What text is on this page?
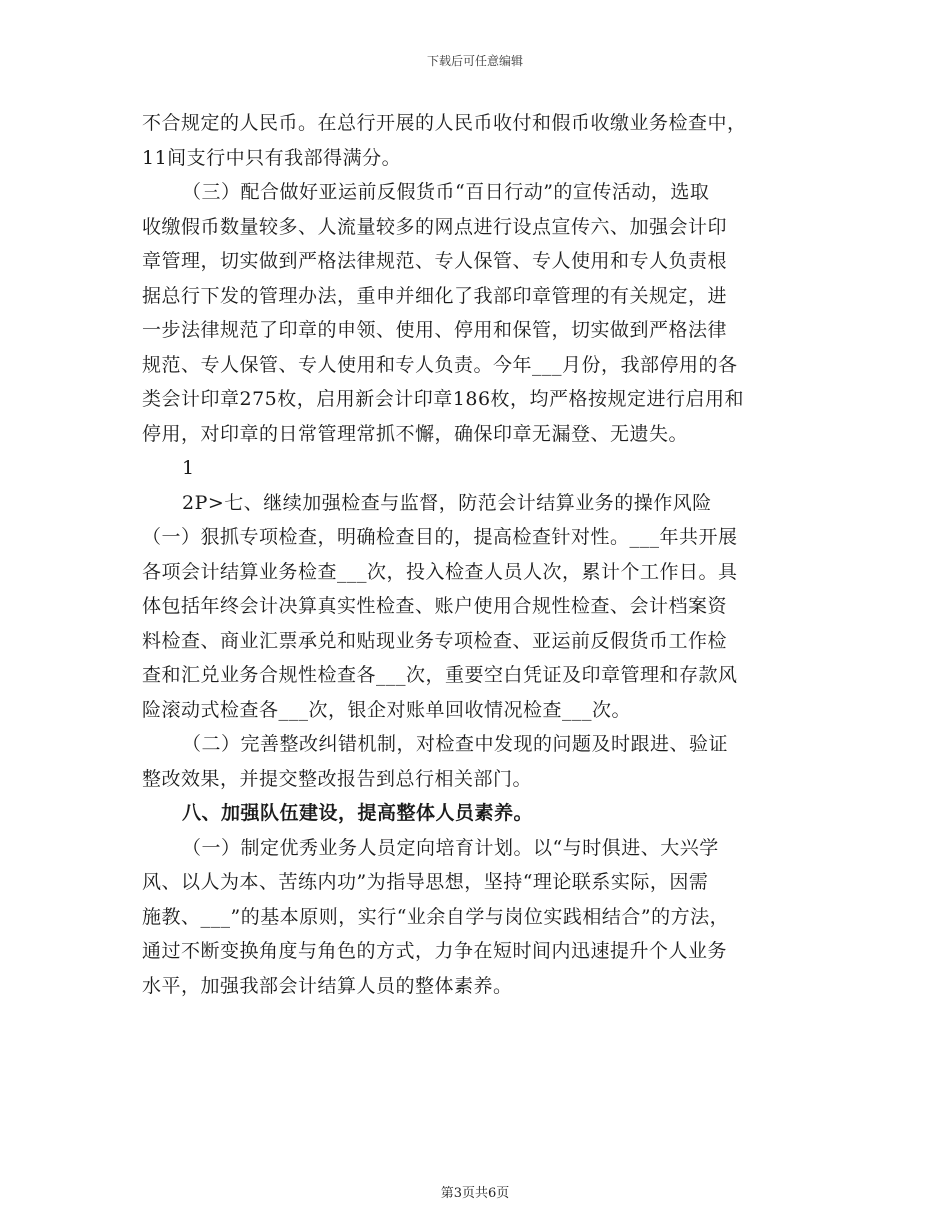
下载后可任意编辑
不合规定的人民币。在总行开展的人民币收付和假币收缴业务检查中，
11间支行中只有我部得满分。
（三）配合做好亚运前反假货币“百日行动”的宣传活动，选取
收缴假币数量较多、人流量较多的网点进行设点宣传六、加强会计印
章管理，切实做到严格法律规范、专人保管、专人使用和专人负责根
据总行下发的管理办法，重申并细化了我部印章管理的有关规定，进
一步法律规范了印章的申领、使用、停用和保管，切实做到严格法律
规范、专人保管、专人使用和专人负责。今年___月份，我部停用的各
类会计印章275枚，启用新会计印章186枚，均严格按规定进行启用和
停用，对印章的日常管理常抓不懈，确保印章无漏登、无遗失。
1
2P>七、继续加强检查与监督，防范会计结算业务的操作风险
（一）狠抓专项检查，明确检查目的，提高检查针对性。___年共开展
各项会计结算业务检查___次，投入检查人员人次，累计个工作日。具
体包括年终会计决算真实性检查、账户使用合规性检查、会计档案资
料检查、商业汇票承兑和贴现业务专项检查、亚运前反假货币工作检
查和汇兑业务合规性检查各___次，重要空白凭证及印章管理和存款风
险滚动式检查各___次，银企对账单回收情况检查___次。
（二）完善整改纠错机制，对检查中发现的问题及时跟进、验证
整改效果，并提交整改报告到总行相关部门。
八、加强队伍建设，提高整体人员素养。
（一）制定优秀业务人员定向培育计划。以“与时俱进、大兴学
风、以人为本、苦练内功”为指导思想，坚持“理论联系实际，因需
施教、___”的基本原则，实行“业余自学与岗位实践相结合”的方法，
通过不断变换角度与角色的方式，力争在短时间内迅速提升个人业务
水平，加强我部会计结算人员的整体素养。
第3页共6页
